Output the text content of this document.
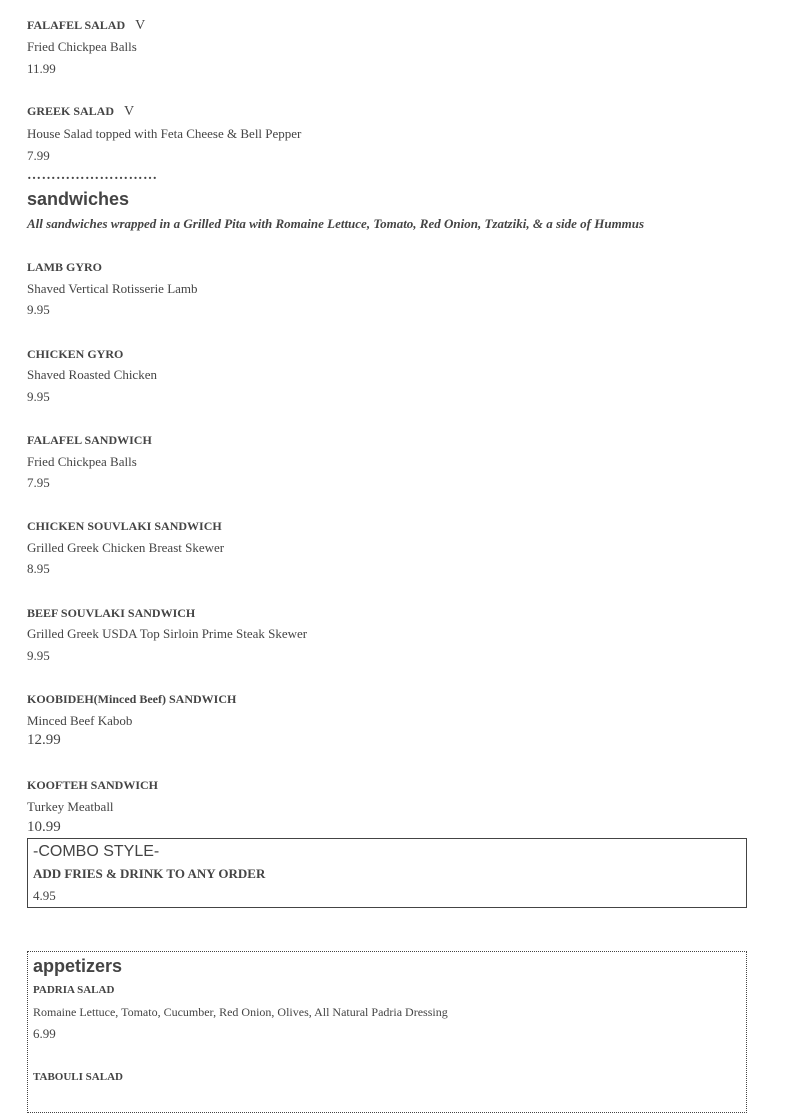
FALAFEL SALAD V
Fried Chickpea Balls
11.99
GREEK SALAD V
House Salad topped with Feta Cheese & Bell Pepper
7.99
………………………
sandwiches
All sandwiches wrapped in a Grilled Pita with Romaine Lettuce, Tomato, Red Onion, Tzatziki, & a side of Hummus
LAMB GYRO
Shaved Vertical Rotisserie Lamb
9.95
CHICKEN GYRO
Shaved Roasted Chicken
9.95
FALAFEL SANDWICH
Fried Chickpea Balls
7.95
CHICKEN SOUVLAKI SANDWICH
Grilled Greek Chicken Breast Skewer
8.95
BEEF SOUVLAKI SANDWICH
Grilled Greek USDA Top Sirloin Prime Steak Skewer
9.95
KOOBIDEH(Minced Beef) SANDWICH
Minced Beef Kabob
12.99
KOOFTEH SANDWICH
Turkey Meatball
10.99
-COMBO STYLE-
ADD FRIES & DRINK TO ANY ORDER
4.95
appetizers
PADRIA SALAD
Romaine Lettuce, Tomato, Cucumber, Red Onion, Olives, All Natural Padria Dressing
6.99
TABOULI SALAD
